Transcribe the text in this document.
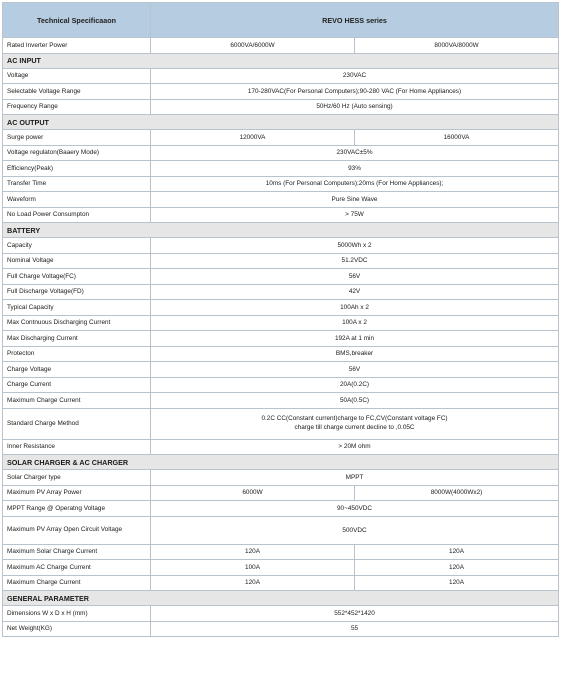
Technical Specificaaon	REVO HESS series	
Rated Inverter Power	6000VA/6000W	8000VA/8000W
AC INPUT		
Voltage	230VAC	
Selectable Voltage Range	170-280VAC(For Personal Computers);90-280 VAC (For Home Appliances)	
Frequency Range	50Hz/60 Hz (Auto sensing)	
AC OUTPUT		
Surge power	12000VA	16000VA
Voltage regulaton(Baaery Mode)	230VAC±5%	
Efficiency(Peak)	93%	
Transfer Time	10ms (For Personal Computers);20ms (For Home Appliances);	
Waveform	Pure Sine Wave	
No Load Power Consumpton	> 75W	
BATTERY		
Capacity	5000Wh x 2	
Nominal Voltage	51.2VDC	
Full Charge Voltage(FC)	56V	
Full Discharge Voltage(FD)	42V	
Typical Capacity	100Ah x 2	
Max Contnuous Discharging Current	100A x 2	
Max Discharging Current	192A at 1 min	
Protecton	BMS,breaker	
Charge Voltage	56V	
Charge Current	20A(0.2C)	
Maximum Charge Current	50A(0.5C)	
Standard Charge Method	0.2C CC(Constant current)charge to FC,CV(Constant voltage FC)
charge till charge current decline to ,0.05C	

Inner Resistance	> 20M ohm	
SOLAR CHARGER & AC CHARGER		
Solar Charger type	MPPT	
Maximum PV Array Power	6000W	8000W(4000Wx2)
MPPT Range @ Operatng Voltage	90~450VDC	
Maximum PV Array Open Circuit Voltage	500VDC	
Maximum Solar Charge Current	120A	120A
Maximum AC Charge Current	100A	120A
Maximum Charge Current	120A	120A
GENERAL PARAMETER		
Dimensions W x D x H (mm)	552*452*1420	
Net Weight(KG)	55	
